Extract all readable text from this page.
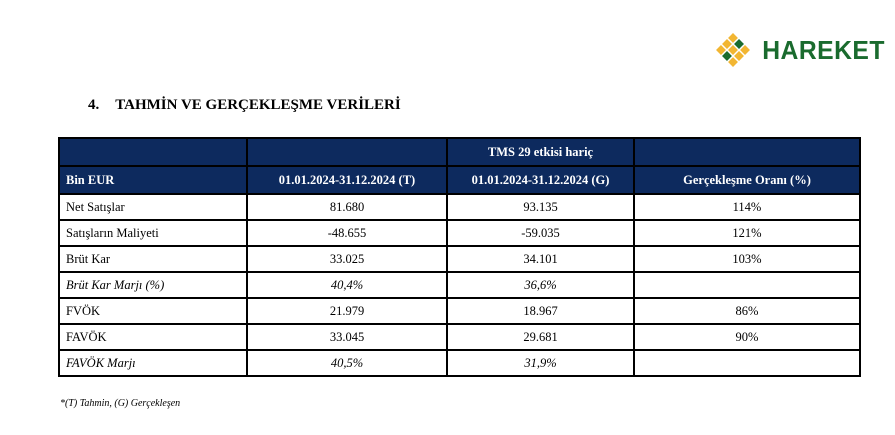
HAREKET
4. TAHMİN VE GERÇEKLEŞME VERİLERİ
		TMS 29 etkisi hariç	
Bin EUR	01.01.2024-31.12.2024 (T)	01.01.2024-31.12.2024 (G)	Gerçekleşme Oranı (%)
Net Satışlar	81.680	93.135	114%
Satışların Maliyeti	-48.655	-59.035	121%
Brüt Kar	33.025	34.101	103%
Brüt Kar Marjı (%)	40,4%	36,6%	
FVÖK	21.979	18.967	86%
FAVÖK	33.045	29.681	90%
FAVÖK Marjı	40,5%	31,9%	
*(T) Tahmin, (G) Gerçekleşen
